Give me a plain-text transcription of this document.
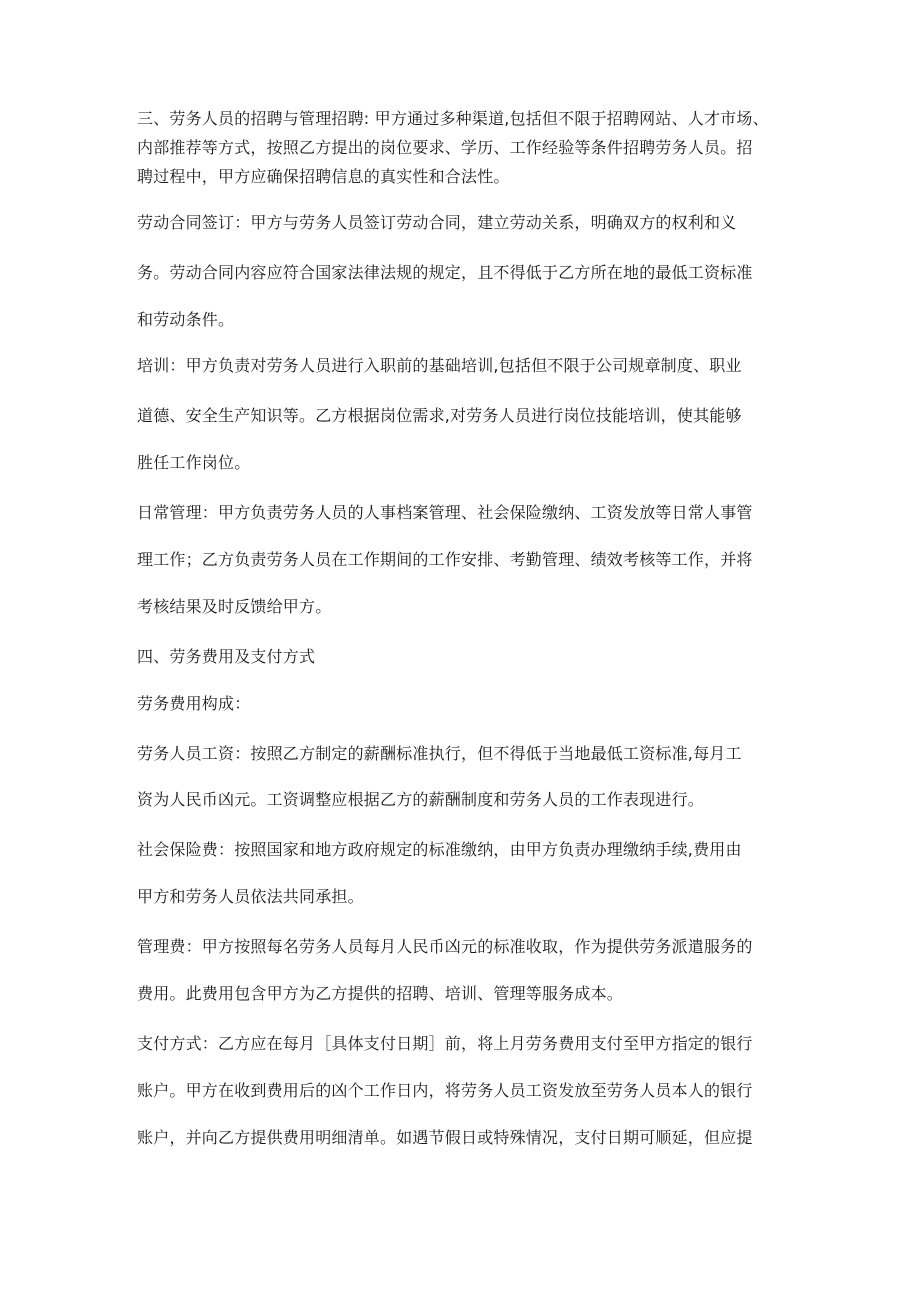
三、劳务人员的招聘与管理招聘: 甲方通过多种渠道,包括但不限于招聘网站、人才市场、
内部推荐等方式，按照乙方提出的岗位要求、学历、工作经验等条件招聘劳务人员。招
聘过程中，甲方应确保招聘信息的真实性和合法性。
劳动合同签订：甲方与劳务人员签订劳动合同，建立劳动关系，明确双方的权利和义
务。劳动合同内容应符合国家法律法规的规定，且不得低于乙方所在地的最低工资标准
和劳动条件。
培训：甲方负责对劳务人员进行入职前的基础培训,包括但不限于公司规章制度、职业
道德、安全生产知识等。乙方根据岗位需求,对劳务人员进行岗位技能培训，使其能够
胜任工作岗位。
日常管理：甲方负责劳务人员的人事档案管理、社会保险缴纳、工资发放等日常人事管
理工作；乙方负责劳务人员在工作期间的工作安排、考勤管理、绩效考核等工作，并将
考核结果及时反馈给甲方。
四、劳务费用及支付方式
劳务费用构成：
劳务人员工资：按照乙方制定的薪酬标准执行，但不得低于当地最低工资标准,每月工
资为人民币凶元。工资调整应根据乙方的薪酬制度和劳务人员的工作表现进行。
社会保险费：按照国家和地方政府规定的标准缴纳，由甲方负责办理缴纳手续,费用由
甲方和劳务人员依法共同承担。
管理费：甲方按照每名劳务人员每月人民币凶元的标准收取，作为提供劳务派遣服务的
费用。此费用包含甲方为乙方提供的招聘、培训、管理等服务成本。
支付方式：乙方应在每月［具体支付日期］前，将上月劳务费用支付至甲方指定的银行
账户。甲方在收到费用后的凶个工作日内，将劳务人员工资发放至劳务人员本人的银行
账户，并向乙方提供费用明细清单。如遇节假日或特殊情况，支付日期可顺延，但应提
